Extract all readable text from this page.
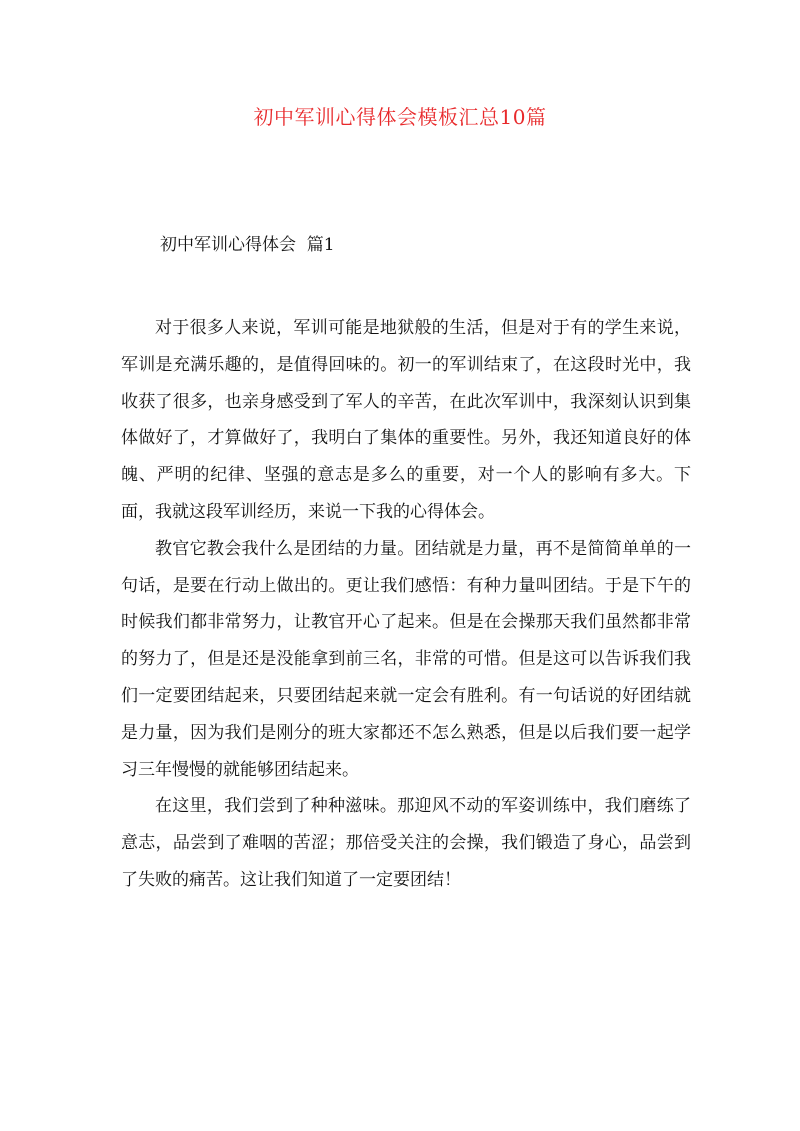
初中军训心得体会模板汇总10篇
初中军训心得体会  篇1

对于很多人来说，军训可能是地狱般的生活，但是对于有的学生来说，军训是充满乐趣的，是值得回味的。初一的军训结束了，在这段时光中，我收获了很多，也亲身感受到了军人的辛苦，在此次军训中，我深刻认识到集体做好了，才算做好了，我明白了集体的重要性。另外，我还知道良好的体魄、严明的纪律、坚强的意志是多么的重要，对一个人的影响有多大。下面，我就这段军训经历，来说一下我的心得体会。

教官它教会我什么是团结的力量。团结就是力量，再不是简简单单的一句话，是要在行动上做出的。更让我们感悟：有种力量叫团结。于是下午的时候我们都非常努力，让教官开心了起来。但是在会操那天我们虽然都非常的努力了，但是还是没能拿到前三名，非常的可惜。但是这可以告诉我们我们一定要团结起来，只要团结起来就一定会有胜利。有一句话说的好团结就是力量，因为我们是刚分的班大家都还不怎么熟悉，但是以后我们要一起学习三年慢慢的就能够团结起来。

在这里，我们尝到了种种滋味。那迎风不动的军姿训练中，我们磨练了意志，品尝到了难咽的苦涩；那倍受关注的会操，我们锻造了身心，品尝到了失败的痛苦。这让我们知道了一定要团结！
